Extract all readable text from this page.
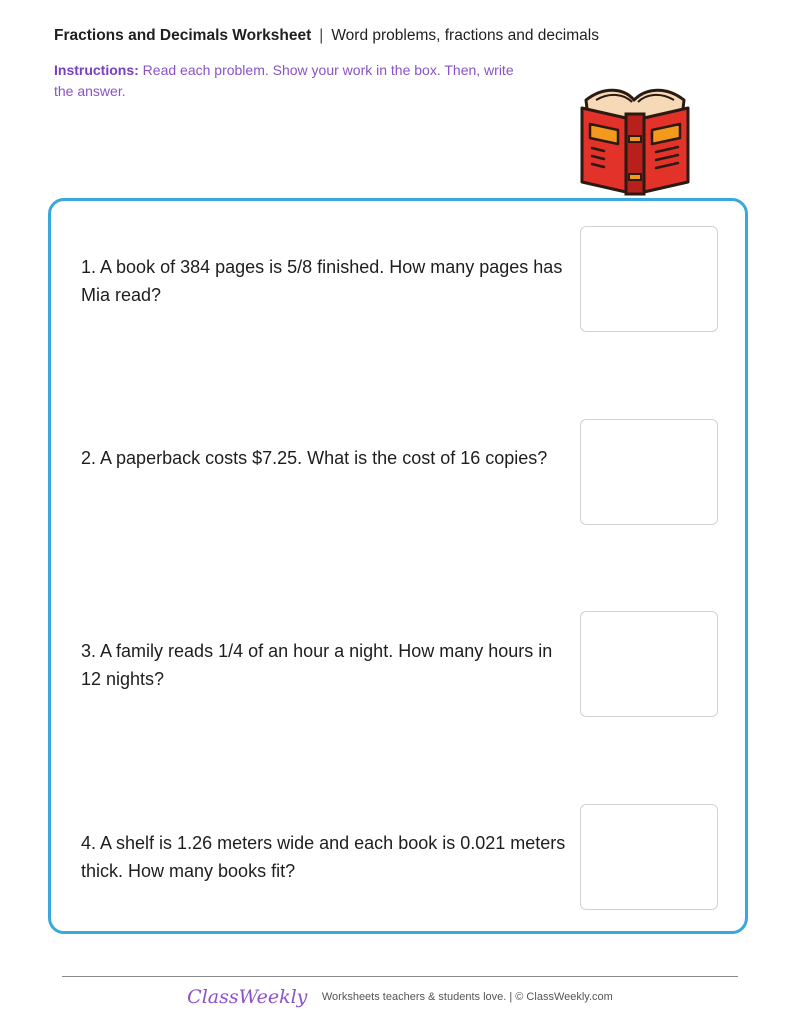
Fractions and Decimals Worksheet | Word problems, fractions and decimals
Instructions: Read each problem. Show your work in the box. Then, write the answer.
1. A book of 384 pages is 5/8 finished. How many pages has Mia read?
2. A paperback costs $7.25. What is the cost of 16 copies?
3. A family reads 1/4 of an hour a night. How many hours in 12 nights?
4. A shelf is 1.26 meters wide and each book is 0.021 meters thick. How many books fit?
ClassWeekly Worksheets teachers & students love. | © ClassWeekly.com
